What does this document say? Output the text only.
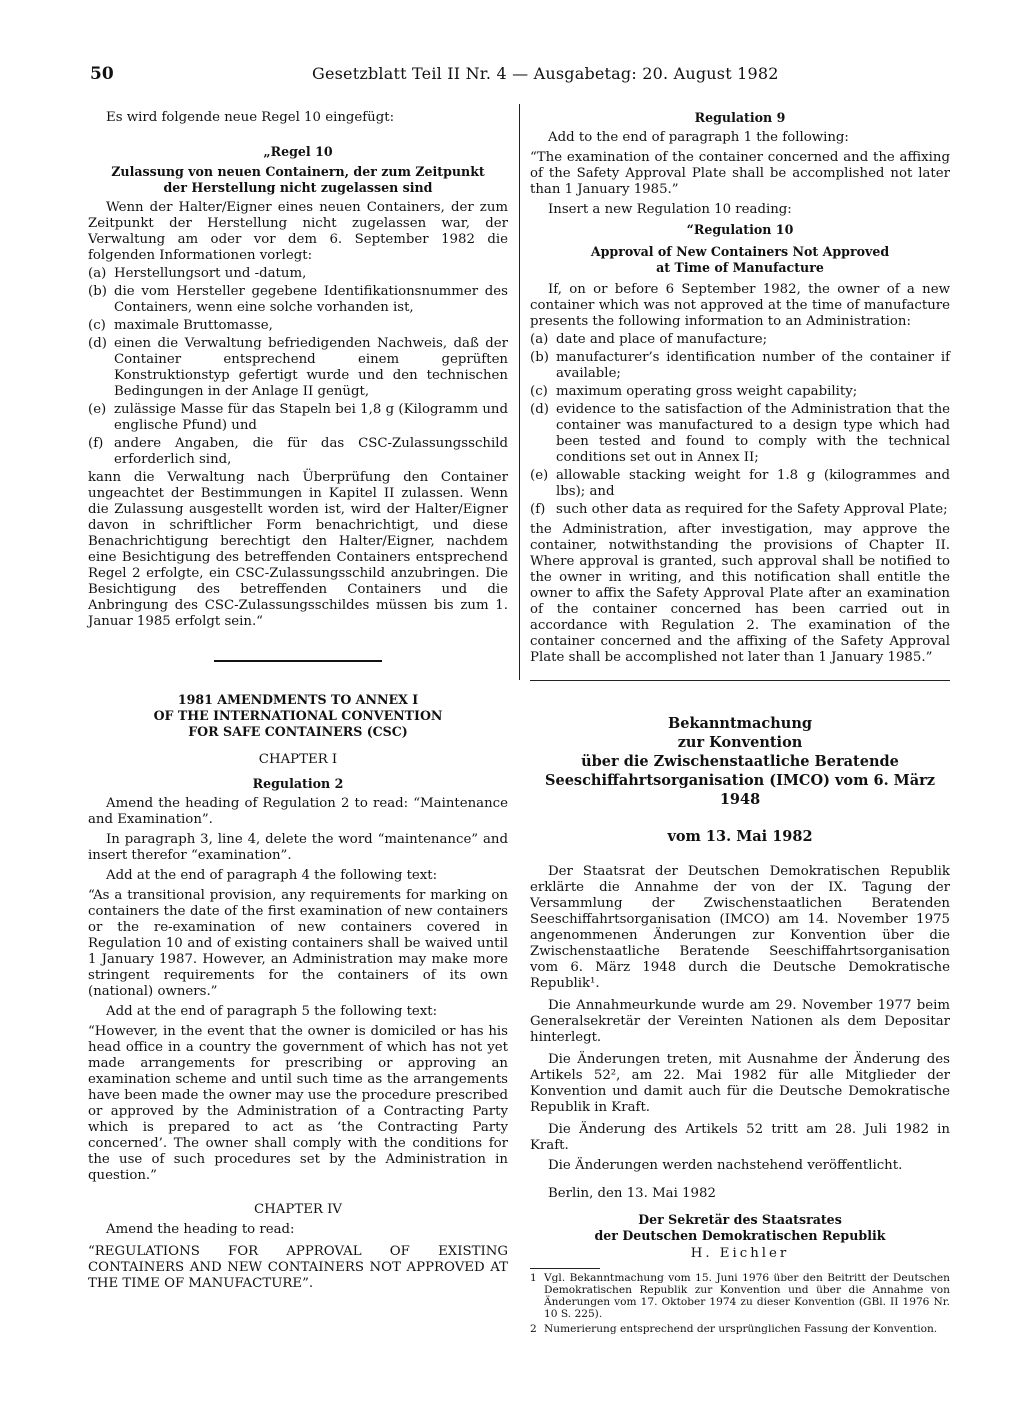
50	Gesetzblatt Teil II Nr. 4 — Ausgabetag: 20. August 1982

Es wird folgende neue Regel 10 eingefügt:

„Regel 10

Zulassung von neuen Containern, der zum Zeitpunkt

der Herstellung nicht zugelassen sind

Wenn der Halter/Eigner eines neuen Containers, der zum Zeitpunkt der Herstellung nicht zugelassen war, der Verwaltung am oder vor dem 6. September 1982 die folgenden Informationen vorlegt:

(a) Herstellungsort und -datum,
(b) die vom Hersteller gegebene Identifikationsnummer des Containers, wenn eine solche vorhanden ist,
(c) maximale Bruttomasse,
(d) einen die Verwaltung befriedigenden Nachweis, daß der Container entsprechend einem geprüften Konstruktionstyp gefertigt wurde und den technischen Bedingungen in der Anlage II genügt,
(e) zulässige Masse für das Stapeln bei 1,8 g (Kilogramm und englische Pfund) und
(f) andere Angaben, die für das CSC-Zulassungsschild erforderlich sind,

kann die Verwaltung nach Überprüfung den Container ungeachtet der Bestimmungen in Kapitel II zulassen. Wenn die Zulassung ausgestellt worden ist, wird der Halter/Eigner davon in schriftlicher Form benachrichtigt, und diese Benachrichtigung berechtigt den Halter/Eigner, nachdem eine Besichtigung des betreffenden Containers entsprechend Regel 2 erfolgte, ein CSC-Zulassungsschild anzubringen. Die Besichtigung des betreffenden Containers und die Anbringung des CSC-Zulassungsschildes müssen bis zum 1. Januar 1985 erfolgt sein.“

1981 AMENDMENTS TO ANNEX I

OF THE INTERNATIONAL CONVENTION

FOR SAFE CONTAINERS (CSC)

CHAPTER I

Regulation 2

Amend the heading of Regulation 2 to read: “Maintenance and Examination”.

In paragraph 3, line 4, delete the word “maintenance” and insert therefor “examination”.

Add at the end of paragraph 4 the following text:

“As a transitional provision, any requirements for marking on containers the date of the first examination of new containers or the re-examination of new containers covered in Regulation 10 and of existing containers shall be waived until 1 January 1987. However, an Administration may make more stringent requirements for the containers of its own (national) owners.”

Add at the end of paragraph 5 the following text:

“However, in the event that the owner is domiciled or has his head office in a country the government of which has not yet made arrangements for prescribing or approving an examination scheme and until such time as the arrangements have been made the owner may use the procedure prescribed or approved by the Administration of a Contracting Party which is prepared to act as ‘the Contracting Party concerned’. The owner shall comply with the conditions for the use of such procedures set by the Administration in question.”

CHAPTER IV

Amend the heading to read:

“REGULATIONS FOR APPROVAL OF EXISTING CONTAINERS AND NEW CONTAINERS NOT APPROVED AT THE TIME OF MANUFACTURE”.

Regulation 9

Add to the end of paragraph 1 the following:

“The examination of the container concerned and the affixing of the Safety Approval Plate shall be accomplished not later than 1 January 1985.”

Insert a new Regulation 10 reading:

“Regulation 10

Approval of New Containers Not Approved

at Time of Manufacture

If, on or before 6 September 1982, the owner of a new container which was not approved at the time of manufacture presents the following information to an Administration:

(a) date and place of manufacture;
(b) manufacturer’s identification number of the container if available;
(c) maximum operating gross weight capability;
(d) evidence to the satisfaction of the Administration that the container was manufactured to a design type which had been tested and found to comply with the technical conditions set out in Annex II;
(e) allowable stacking weight for 1.8 g (kilogrammes and lbs); and
(f) such other data as required for the Safety Approval Plate;

the Administration, after investigation, may approve the container, notwithstanding the provisions of Chapter II. Where approval is granted, such approval shall be notified to the owner in writing, and this notification shall entitle the owner to affix the Safety Approval Plate after an examination of the container concerned has been carried out in accordance with Regulation 2. The examination of the container concerned and the affixing of the Safety Approval Plate shall be accomplished not later than 1 January 1985.”

Bekanntmachung

zur Konvention

über die Zwischenstaatliche Beratende

Seeschiffahrtsorganisation (IMCO) vom 6. März 1948

vom 13. Mai 1982

Der Staatsrat der Deutschen Demokratischen Republik erklärte die Annahme der von der IX. Tagung der Versammlung der Zwischenstaatlichen Beratenden Seeschiffahrtsorganisation (IMCO) am 14. November 1975 angenommenen Änderungen zur Konvention über die Zwischenstaatliche Beratende Seeschiffahrtsorganisation vom 6. März 1948 durch die Deutsche Demokratische Republik¹.

Die Annahmeurkunde wurde am 29. November 1977 beim Generalsekretär der Vereinten Nationen als dem Depositar hinterlegt.

Die Änderungen treten, mit Ausnahme der Änderung des Artikels 52², am 22. Mai 1982 für alle Mitglieder der Konvention und damit auch für die Deutsche Demokratische Republik in Kraft.

Die Änderung des Artikels 52 tritt am 28. Juli 1982 in Kraft.

Die Änderungen werden nachstehend veröffentlicht.

Berlin, den 13. Mai 1982

Der Sekretär des Staatsrates

der Deutschen Demokratischen Republik

H. Eichler

1 Vgl. Bekanntmachung vom 15. Juni 1976 über den Beitritt der Deutschen Demokratischen Republik zur Konvention und über die Annahme von Änderungen vom 17. Oktober 1974 zu dieser Konvention (GBl. II 1976 Nr. 10 S. 225).

2 Numerierung entsprechend der ursprünglichen Fassung der Konvention.
